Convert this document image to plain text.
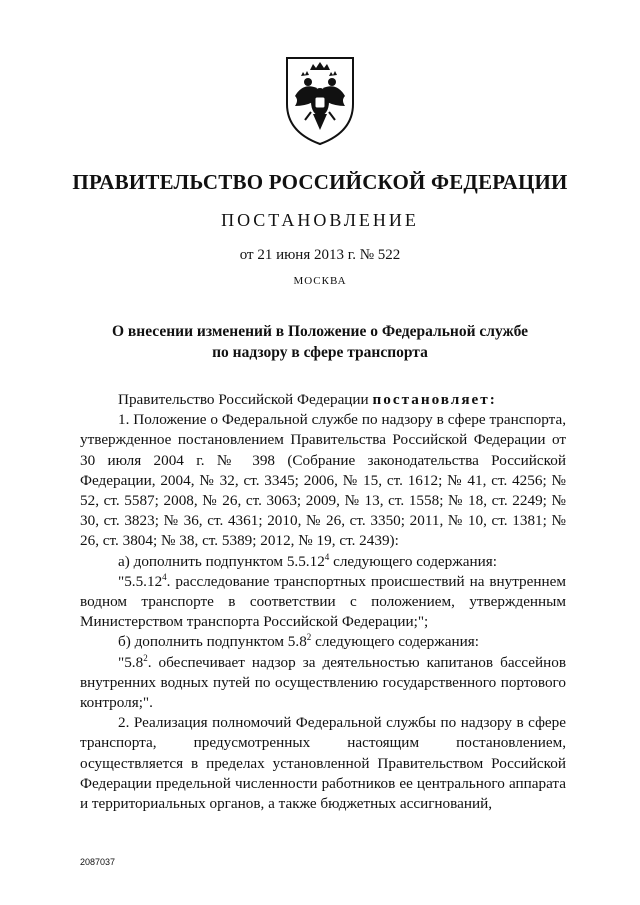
ПРАВИТЕЛЬСТВО РОССИЙСКОЙ ФЕДЕРАЦИИ
ПОСТАНОВЛЕНИЕ
от 21 июня 2013 г. № 522
МОСКВА
О внесении изменений в Положение о Федеральной службе
по надзору в сфере транспорта

Правительство Российской Федерации постановляет:

1. Положение о Федеральной службе по надзору в сфере транспорта, утвержденное постановлением Правительства Российской Федерации от 30 июля 2004 г. № 398 (Собрание законодательства Российской Федерации, 2004, № 32, ст. 3345; 2006, № 15, ст. 1612; № 41, ст. 4256; № 52, ст. 5587; 2008, № 26, ст. 3063; 2009, № 13, ст. 1558; № 18, ст. 2249; № 30, ст. 3823; № 36, ст. 4361; 2010, № 26, ст. 3350; 2011, № 10, ст. 1381; № 26, ст. 3804; № 38, ст. 5389; 2012, № 19, ст. 2439):

а) дополнить подпунктом 5.5.12$^4$ следующего содержания:

"5.5.12$^4$. расследование транспортных происшествий на внутреннем водном транспорте в соответствии с положением, утвержденным Министерством транспорта Российской Федерации;";

б) дополнить подпунктом $5.8^2$ следующего содержания:

"$5.8^2$. обеспечивает надзор за деятельностью капитанов бассейнов внутренних водных путей по осуществлению государственного портового контроля;".

2. Реализация полномочий Федеральной службы по надзору в сфере транспорта, предусмотренных настоящим постановлением, осуществляется в пределах установленной Правительством Российской Федерации предельной численности работников ее центрального аппарата и территориальных органов, а также бюджетных ассигнований,

2087037
